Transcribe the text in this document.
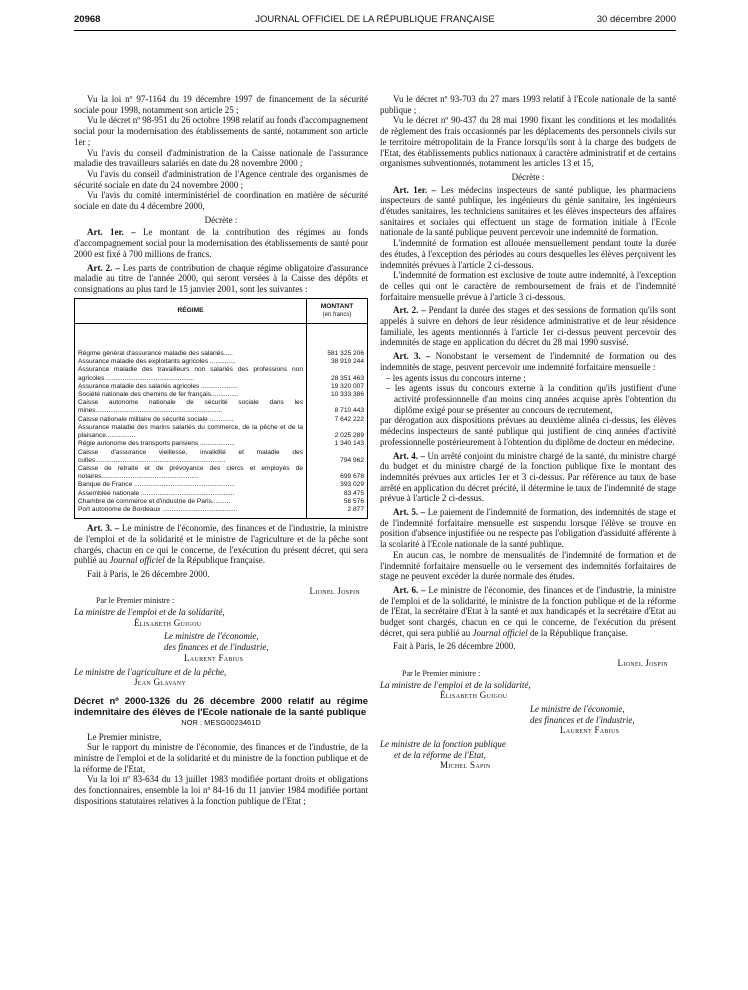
20968	JOURNAL OFFICIEL DE LA RÉPUBLIQUE FRANÇAISE	30 décembre 2000

Vu la loi nº 97-1164 du 19 décembre 1997 de financement de la sécurité sociale pour 1998, notamment son article 25 ;

Vu le décret nº 98-951 du 26 octobre 1998 relatif au fonds d'accompagnement social pour la modernisation des établissements de santé, notamment son article 1er ;

Vu l'avis du conseil d'administration de la Caisse nationale de l'assurance maladie des travailleurs salariés en date du 28 novembre 2000 ;

Vu l'avis du conseil d'administration de l'Agence centrale des organismes de sécurité sociale en date du 24 novembre 2000 ;

Vu l'avis du comité interministériel de coordination en matière de sécurité sociale en date du 4 décembre 2000,

Décrète :

Art. 1er. – Le montant de la contribution des régimes au fonds d'accompagnement social pour la modernisation des établissements de santé pour 2000 est fixé à 700 millions de francs.

Art. 2. – Les parts de contribution de chaque régime obligatoire d'assurance maladie au titre de l'année 2000, qui seront versées à la Caisse des dépôts et consignations au plus tard le 15 janvier 2001, sont les suivantes :

RÉGIME	MONTANT
(en francs)

Régime général d'assurance maladie des salariés.....	581 325 206
Assurance maladie des exploitants agricoles ..............	38 919 244
Assurance maladie des travailleurs non salariés des professions non agricoles ................................................	28 351 463
Assurance maladie des salariés agricoles ....................	19 320 007
Société nationale des chemins de fer français...............	10 333 386
Caisse autonome nationale de sécurité sociale dans les mines.....................................................................	8 710 443
Caisse nationale militaire de sécurité sociale .............	7 642 222
Assurance maladie des marins salariés du commerce, de la pêche et de la plaisance................	2 025 289
Régie autonome des transports parisiens ...................	1 340 143
Caisse d'assurance vieillesse, invalidité et maladie des cultes.......................................................................	794 962
Caisse de retraite et de prévoyance des clercs et employés de notaires.....................................................	699 678
Banque de France .......................................................	393 029
Assemblée nationale ...................................................	83 475
Chambre de commerce et d'industrie de Paris..........	58 576
Port autonome de Bordeaux .........................................	2 877

Art. 3. – Le ministre de l'économie, des finances et de l'industrie, la ministre de l'emploi et de la solidarité et le ministre de l'agriculture et de la pêche sont chargés, chacun en ce qui le concerne, de l'exécution du présent décret, qui sera publié au Journal officiel de la République française.

Fait à Paris, le 26 décembre 2000.

Lionel Jospin

Par le Premier ministre :

La ministre de l'emploi et de la solidarité,

Élisabeth Guigou

Le ministre de l'économie,

des finances et de l'industrie,

Laurent Fabius

Le ministre de l'agriculture et de la pêche,

Jean Glavany

Décret nº 2000-1326 du 26 décembre 2000 relatif au régime indemnitaire des élèves de l'Ecole nationale de la santé publique

NOR : MESG0023461D

Le Premier ministre,

Sur le rapport du ministre de l'économie, des finances et de l'industrie, de la ministre de l'emploi et de la solidarité et du ministre de la fonction publique et de la réforme de l'Etat,

Vu la loi nº 83-634 du 13 juillet 1983 modifiée portant droits et obligations des fonctionnaires, ensemble la loi nº 84-16 du 11 janvier 1984 modifiée portant dispositions statutaires relatives à la fonction publique de l'Etat ;

Vu le décret nº 93-703 du 27 mars 1993 relatif à l'Ecole nationale de la santé publique ;

Vu le décret nº 90-437 du 28 mai 1990 fixant les conditions et les modalités de règlement des frais occasionnés par les déplacements des personnels civils sur le territoire métropolitain de la France lorsqu'ils sont à la charge des budgets de l'Etat, des établissements publics nationaux à caractère administratif et de certains organismes subventionnés, notamment les articles 13 et 15,

Décrète :

Art. 1er. – Les médecins inspecteurs de santé publique, les pharmaciens inspecteurs de santé publique, les ingénieurs du génie sanitaire, les ingénieurs d'études sanitaires, les techniciens sanitaires et les élèves inspecteurs des affaires sanitaires et sociales qui effectuent un stage de formation initiale à l'Ecole nationale de la santé publique peuvent percevoir une indemnité de formation.

L'indemnité de formation est allouée mensuellement pendant toute la durée des études, à l'exception des périodes au cours desquelles les élèves perçoivent les indemnités prévues à l'article 2 ci-dessous.

L'indemnité de formation est exclusive de toute autre indemnité, à l'exception de celles qui ont le caractère de remboursement de frais et de l'indemnité forfaitaire mensuelle prévue à l'article 3 ci-dessous.

Art. 2. – Pendant la durée des stages et des sessions de formation qu'ils sont appelés à suivre en dehors de leur résidence administrative et de leur résidence familiale, les agents mentionnés à l'article 1er ci-dessus peuvent percevoir des indemnités de stage en application du décret du 28 mai 1990 susvisé.

Art. 3. – Nonobstant le versement de l'indemnité de formation ou des indemnités de stage, peuvent percevoir une indemnité forfaitaire mensuelle :

– les agents issus du concours interne ;

– les agents issus du concours externe à la condition qu'ils justifient d'une activité professionnelle d'au moins cinq années acquise après l'obtention du diplôme exigé pour se présenter au concours de recrutement,

par dérogation aux dispositions prévues au deuxième alinéa ci-dessus, les élèves médecins inspecteurs de santé publique qui justifient de cinq années d'activité professionnelle postérieurement à l'obtention du diplôme de docteur en médecine.

Art. 4. – Un arrêté conjoint du ministre chargé de la santé, du ministre chargé du budget et du ministre chargé de la fonction publique fixe le montant des indemnités prévues aux articles 1er et 3 ci-dessus. Par référence au taux de base arrêté en application du décret précité, il détermine le taux de l'indemnité de stage prévue à l'article 2 ci-dessus.

Art. 5. – Le paiement de l'indemnité de formation, des indemnités de stage et de l'indemnité forfaitaire mensuelle est suspendu lorsque l'élève se trouve en position d'absence injustifiée ou ne respecte pas l'obligation d'assiduité afférente à la scolarité à l'Ecole nationale de la santé publique.

En aucun cas, le nombre de mensualités de l'indemnité de formation et de l'indemnité forfaitaire mensuelle ou le versement des indemnités forfaitaires de stage ne peuvent excéder la durée normale des études.

Art. 6. – Le ministre de l'économie, des finances et de l'industrie, la ministre de l'emploi et de la solidarité, le ministre de la fonction publique et de la réforme de l'Etat, la secrétaire d'Etat à la santé et aux handicapés et la secrétaire d'Etat au budget sont chargés, chacun en ce qui le concerne, de l'exécution du présent décret, qui sera publié au Journal officiel de la République française.

Fait à Paris, le 26 décembre 2000.

Lionel Jospin

Par le Premier ministre :

La ministre de l'emploi et de la solidarité,

Élisabeth Guigou

Le ministre de l'économie,

des finances et de l'industrie,

Laurent Fabius

Le ministre de la fonction publique

et de la réforme de l'Etat,

Michel Sapin
